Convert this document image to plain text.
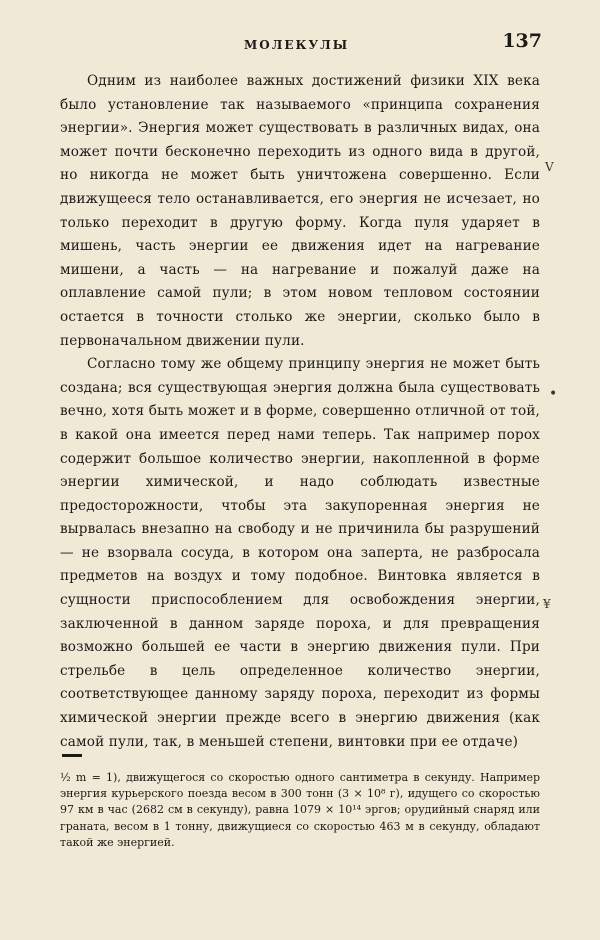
МОЛЕКУЛЫ	137

Одним из наиболее важных достижений физики XIX века было установление так называемого «принципа сохранения энергии». Энергия может существовать в различных видах, она может почти бесконечно переходить из одного вида в другой, но никогда не может быть уничтожена совершенно. Если движущееся тело останавливается, его энергия не исчезает, но только переходит в другую форму. Когда пуля ударяет в мишень, часть энергии ее движения идет на нагревание мишени, а часть — на нагревание и пожалуй даже на оплавление самой пули; в этом новом тепловом состоянии остается в точности столько же энергии, сколько было в первоначальном движении пули.

Согласно тому же общему принципу энергия не может быть создана; вся существующая энергия должна была существовать вечно, хотя быть может и в форме, совершенно отличной от той, в какой она имеется перед нами теперь. Так например порох содержит большое количество энергии, накопленной в форме энергии химической, и надо соблюдать известные предосторожности, чтобы эта закупоренная энергия не вырвалась внезапно на свободу и не причинила бы разрушений — не взорвала сосуда, в котором она заперта, не разбросала предметов на воздух и тому подобное. Винтовка является в сущности приспособлением для освобождения энергии, заключенной в данном заряде пороха, и для превращения возможно большей ее части в энергию движения пули. При стрельбе в цель определенное количество энергии, соответствующее данному заряду пороха, переходит из формы химической энергии прежде всего в энергию движения (как самой пули, так, в меньшей степени, винтовки при ее отдаче)

½ m = 1), движущегося со скоростью одного сантиметра в секунду. Например энергия курьерского поезда весом в 300 тонн (3 × 10⁸ г), идущего со скоростью 97 км в час (2682 см в секунду), равна 1079 × 10¹⁴ эргов; орудийный снаряд или граната, весом в 1 тонну, движущиеся со скоростью 463 м в секунду, обладают такой же энергией.

V
•
¥
